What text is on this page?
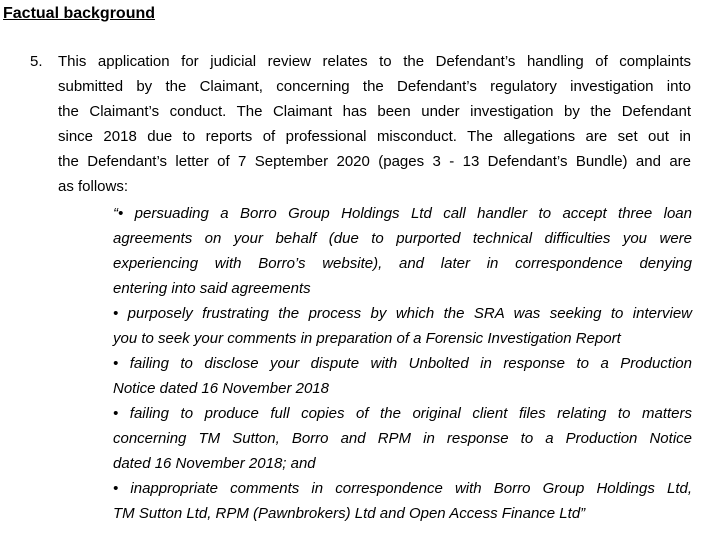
Factual background
5. This application for judicial review relates to the Defendant’s handling of complaints
submitted by the Claimant, concerning the Defendant’s regulatory investigation into
the Claimant’s conduct. The Claimant has been under investigation by the Defendant
since 2018 due to reports of professional misconduct. The allegations are set out in
the Defendant’s letter of 7 September 2020 (pages 3 - 13 Defendant’s Bundle) and are
as follows:
“• persuading a Borro Group Holdings Ltd call handler to accept three loan
agreements on your behalf (due to purported technical difficulties you were
experiencing with Borro’s website), and later in correspondence denying
entering into said agreements
• purposely frustrating the process by which the SRA was seeking to interview
you to seek your comments in preparation of a Forensic Investigation Report
• failing to disclose your dispute with Unbolted in response to a Production
Notice dated 16 November 2018
• failing to produce full copies of the original client files relating to matters
concerning TM Sutton, Borro and RPM in response to a Production Notice
dated 16 November 2018; and
• inappropriate comments in correspondence with Borro Group Holdings Ltd,
TM Sutton Ltd, RPM (Pawnbrokers) Ltd and Open Access Finance Ltd”
